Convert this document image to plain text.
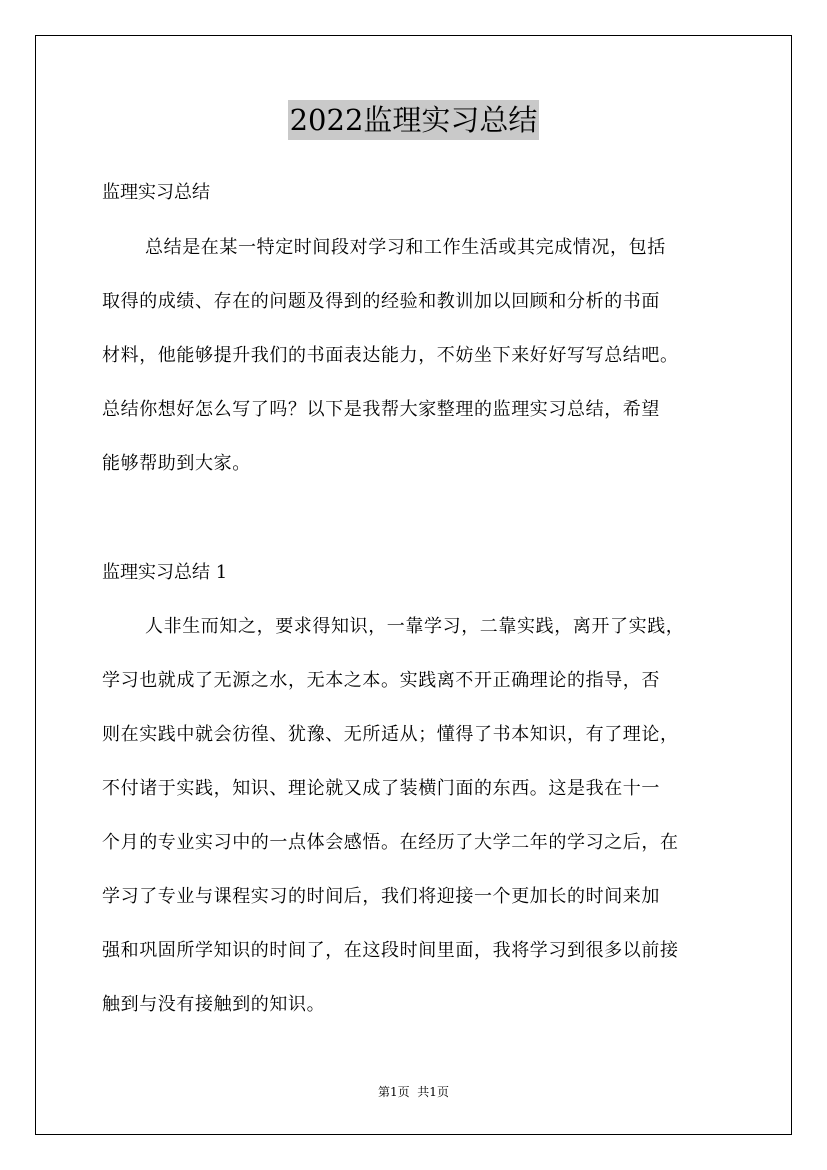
2022监理实习总结
监理实习总结
总结是在某一特定时间段对学习和工作生活或其完成情况，包括
取得的成绩、存在的问题及得到的经验和教训加以回顾和分析的书面
材料，他能够提升我们的书面表达能力，不妨坐下来好好写写总结吧。
总结你想好怎么写了吗？以下是我帮大家整理的监理实习总结，希望
能够帮助到大家。
监理实习总结 1
人非生而知之，要求得知识，一靠学习，二靠实践，离开了实践，
学习也就成了无源之水，无本之本。实践离不开正确理论的指导，否
则在实践中就会彷徨、犹豫、无所适从；懂得了书本知识，有了理论，
不付诸于实践，知识、理论就又成了装横门面的东西。这是我在十一
个月的专业实习中的一点体会感悟。在经历了大学二年的学习之后，在
学习了专业与课程实习的时间后，我们将迎接一个更加长的时间来加
强和巩固所学知识的时间了，在这段时间里面，我将学习到很多以前接
触到与没有接触到的知识。
第1页  共1页
